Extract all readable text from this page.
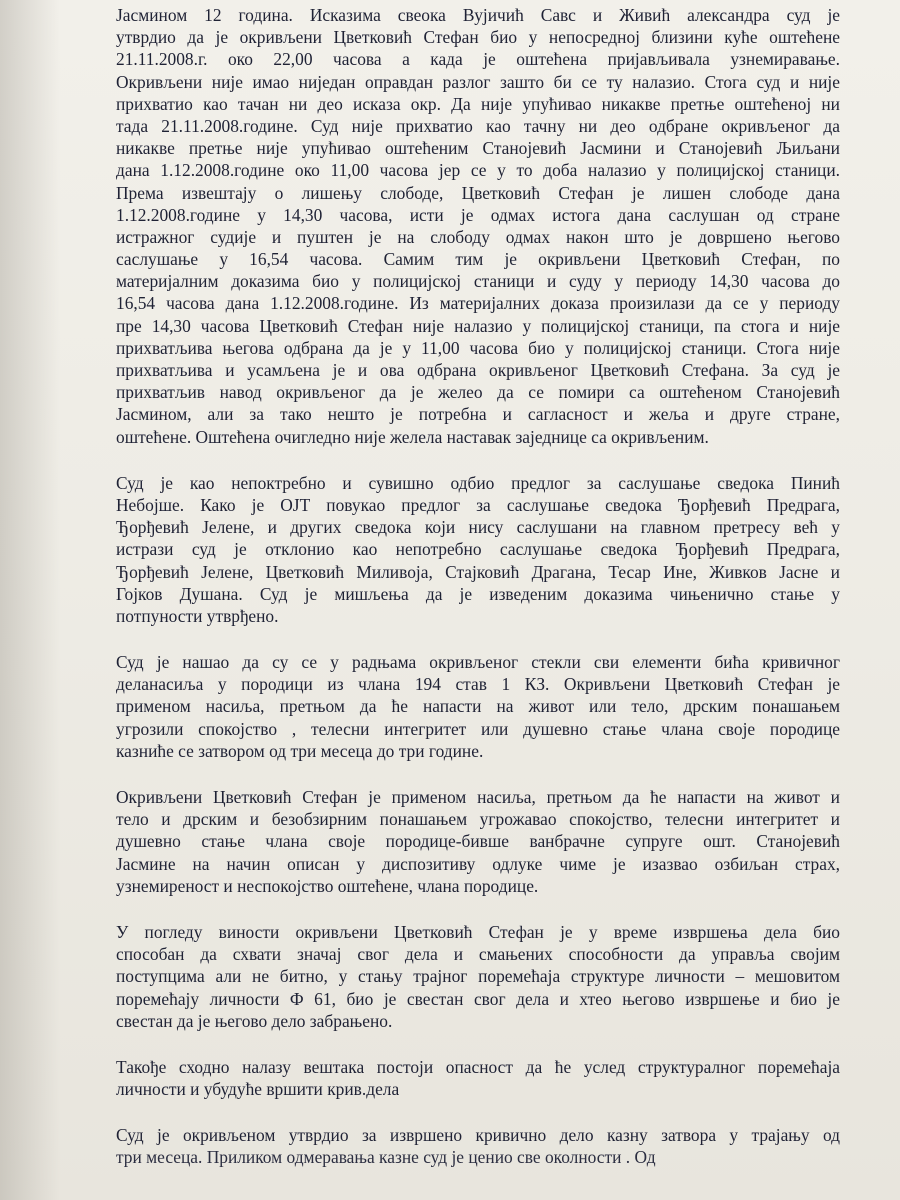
Јасмином 12 година. Исказима свеока Вујичић Савс и Живић александра суд је
утврдио да је окривљени Цветковић Стефан био у непосредној близини куће оштећене
21.11.2008.г. око 22,00 часова а када је оштећена пријављивала узнемиравање.
Окривљени није имао ниједан оправдан разлог зашто би се ту налазио. Стога суд и није
прихватио као тачан ни део исказа окр. Да није упућивао никакве претње оштећеној ни
тада 21.11.2008.године. Суд није прихватио као тачну ни део одбране окривљеног да
никакве претње није упућивао оштећеним Станојевић Јасмини и Станојевић Љиљани
дана 1.12.2008.године око 11,00 часова јер се у то доба налазио у полицијској станици.
Према извештају о лишењу слободе, Цветковић Стефан је лишен слободе дана
1.12.2008.године у 14,30 часова, исти је одмах истога дана саслушан од стране
истражног судије и пуштен је на слободу одмах након што је довршено његово
саслушање у 16,54 часова. Самим тим је окривљени Цветковић Стефан, по
материјалним доказима био у полицијској станици и суду у периоду 14,30 часова до
16,54 часова дана 1.12.2008.године. Из материјалних доказа произилази да се у периоду
пре 14,30 часова Цветковић Стефан није налазио у полицијској станици, па стога и није
прихватљива његова одбрана да је у 11,00 часова био у полицијској станици. Стога није
прихватљива и усамљена је и ова одбрана окривљеног Цветковић Стефана. За суд је
прихватљив навод окривљеног да је желео да се помири са оштећеном Станојевић
Јасмином, али за тако нешто је потребна и сагласност и жеља и друге стране,
оштећене. Оштећена очигледно није желела наставак заједнице са окривљеним.
Суд је као непоктребно и сувишно одбио предлог за саслушање сведока Пинић
Небојше. Како је ОЈТ повукао предлог за саслушање сведока Ђорђевић Предрага,
Ђорђевић Јелене, и других сведока који нису саслушани на главном претресу већ у
истрази суд је отклонио као непотребно саслушање сведока Ђорђевић Предрага,
Ђорђевић Јелене, Цветковић Миливоја, Стајковић Драгана, Тесар Ине, Живков Јасне и
Гојков Душана. Суд је мишљења да је изведеним доказима чињенично стање у
потпуности утврђено.
Суд је нашао да су се у радњама окривљеног стекли сви елементи бића кривичног
деланасиља у породици из члана 194 став 1 КЗ. Окривљени Цветковић Стефан је
применом насиља, претњом да ће напасти на живот или тело, дрским понашањем
угрозили спокојство , телесни интегритет или душевно стање члана своје породице
казниће се затвором од три месеца до три године.
Окривљени Цветковић Стефан је применом насиља, претњом да ће напасти на живот и
тело и дрским и безобзирним понашањем угрожавао спокојство, телесни интегритет и
душевно стање члана своје породице-бивше ванбрачне супруге ошт. Станојевић
Јасмине на начин описан у диспозитиву одлуке чиме је изазвао озбиљан страх,
узнемиреност и неспокојство оштећене, члана породице.
У погледу виности окривљени Цветковић Стефан је у време извршења дела био
способан да схвати значај свог дела и смањених способности да управља својим
поступцима али не битно, у стању трајног поремећаја структуре личности – мешовитом
поремећају личности Ф 61, био је свестан свог дела и хтео његово извршење и био је
свестан да је његово дело забрањено.
Такође сходно налазу вештака постоји опасност да ће услед структуралног поремећаја
личности и убудуће вршити крив.дела
Суд је окривљеном утврдио за извршено кривично дело казну затвора у трајању од
три месеца. Приликом одмеравања казне суд је ценио све околности . Од
